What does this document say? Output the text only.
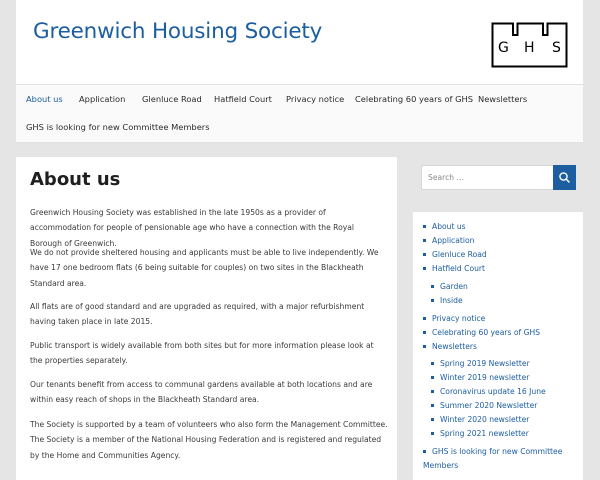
Greenwich Housing Society
G H S
About us Application Glenluce Road Hatfield Court Privacy notice Celebrating 60 years of GHS Newsletters
GHS is looking for new Committee Members
About us

Greenwich Housing Society was established in the late 1950s as a provider of accommodation for people of pensionable age who have a connection with the Royal Borough of Greenwich.

We do not provide sheltered housing and applicants must be able to live independently. We have 17 one bedroom flats (6 being suitable for couples) on two sites in the Blackheath Standard area.

All flats are of good standard and are upgraded as required, with a major refurbishment having taken place in late 2015.

Public transport is widely available from both sites but for more information please look at the properties separately.

Our tenants benefit from access to communal gardens available at both locations and are within easy reach of shops in the Blackheath Standard area.

The Society is supported by a team of volunteers who also form the Management Committee. The Society is a member of the National Housing Federation and is registered and regulated by the Home and Communities Agency.

Search …
About us
Application
Glenluce Road
Hatfield Court
Garden
Inside
Privacy notice
Celebrating 60 years of GHS
Newsletters
Spring 2019 Newsletter
Winter 2019 newsletter
Coronavirus update 16 June
Summer 2020 Newsletter
Winter 2020 newsletter
Spring 2021 newsletter
GHS is looking for new Committee
Members
